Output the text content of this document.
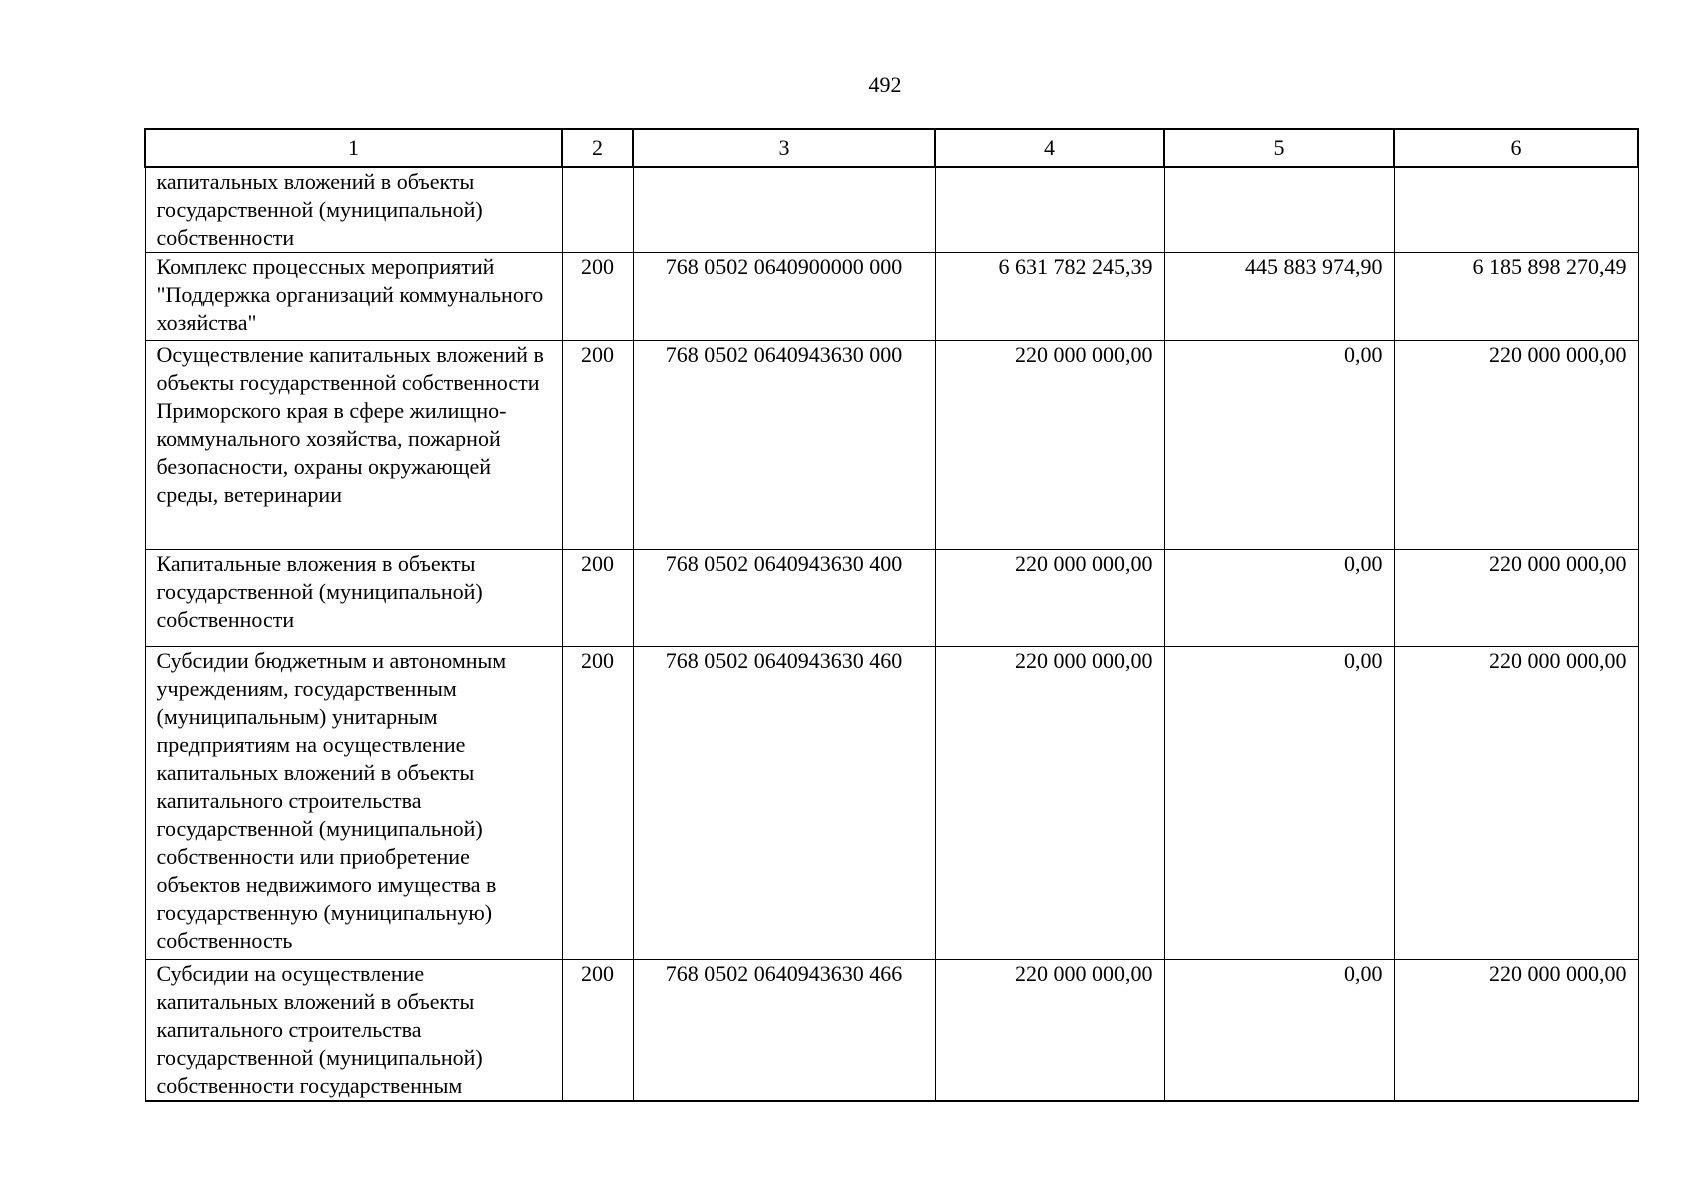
492
1	2	3	4	5	6
капитальных вложений в объекты государственной (муниципальной) собственности					
Комплекс процессных мероприятий "Поддержка организаций коммунального хозяйства"	200	768 0502 0640900000 000	6 631 782 245,39	445 883 974,90	6 185 898 270,49
Осуществление капитальных вложений в объекты государственной собственности Приморского края в сфере жилищно-коммунального хозяйства, пожарной безопасности, охраны окружающей среды, ветеринарии	200	768 0502 0640943630 000	220 000 000,00	0,00	220 000 000,00
Капитальные вложения в объекты государственной (муниципальной) собственности	200	768 0502 0640943630 400	220 000 000,00	0,00	220 000 000,00
Субсидии бюджетным и автономным учреждениям, государственным (муниципальным) унитарным предприятиям на осуществление капитальных вложений в объекты капитального строительства государственной (муниципальной) собственности или приобретение объектов недвижимого имущества в государственную (муниципальную) собственность	200	768 0502 0640943630 460	220 000 000,00	0,00	220 000 000,00
Субсидии на осуществление капитальных вложений в объекты капитального строительства государственной (муниципальной) собственности государственным	200	768 0502 0640943630 466	220 000 000,00	0,00	220 000 000,00
